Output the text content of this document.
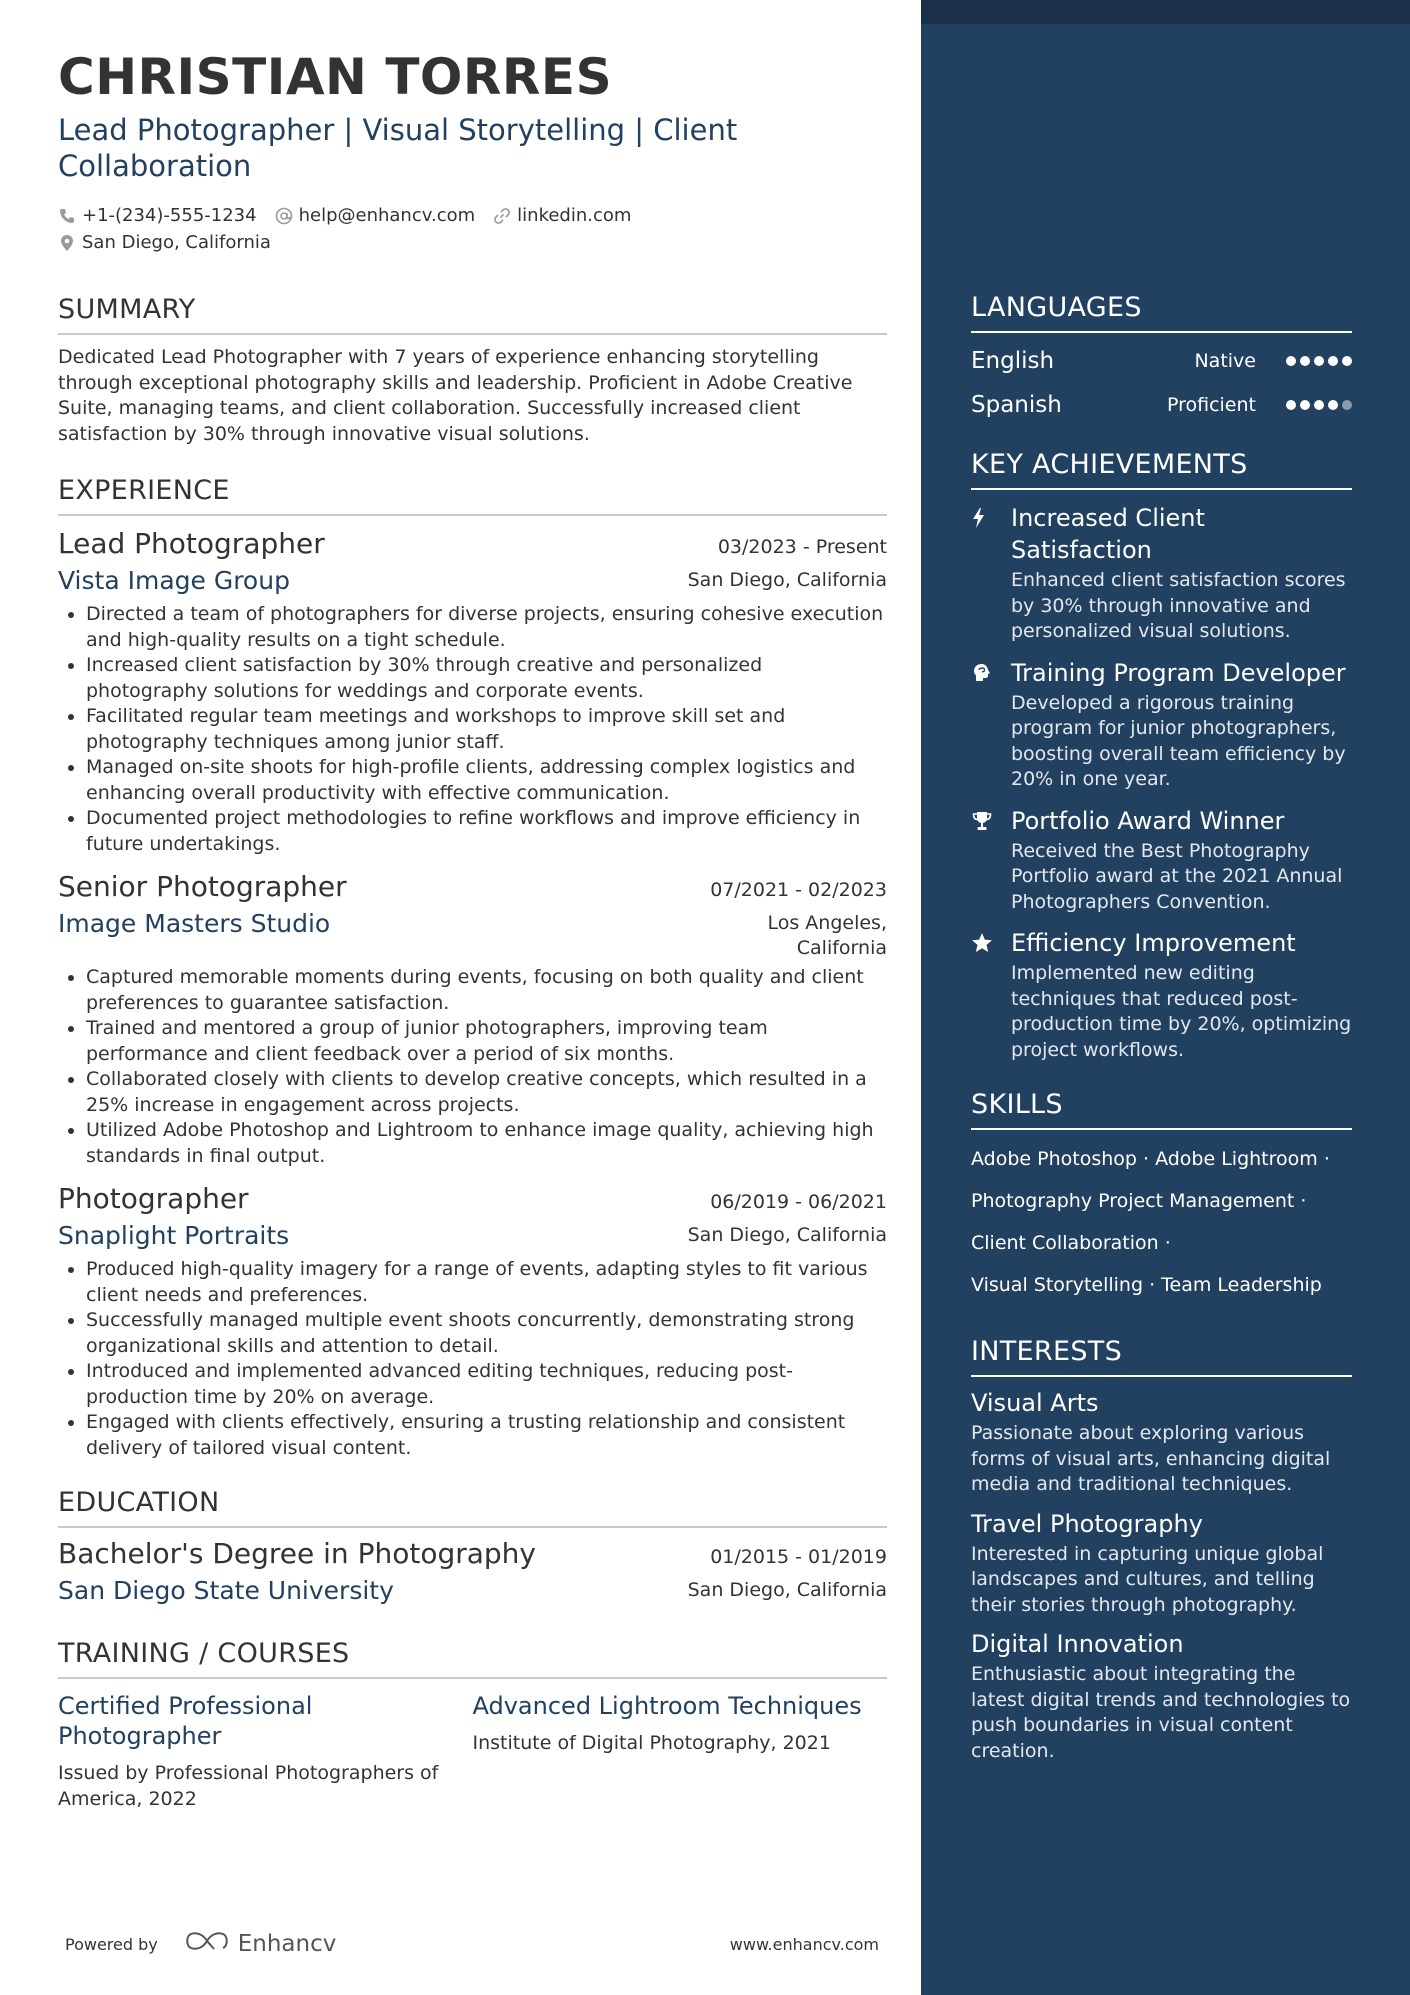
CHRISTIAN TORRES
Lead Photographer | Visual Storytelling | Client Collaboration
+1-(234)-555-1234 help@enhancv.com linkedin.com
San Diego, California
SUMMARY
Dedicated Lead Photographer with 7 years of experience enhancing storytelling through exceptional photography skills and leadership. Proficient in Adobe Creative Suite, managing teams, and client collaboration. Successfully increased client satisfaction by 30% through innovative visual solutions.
EXPERIENCE
Lead Photographer	03/2023 - Present
Vista Image Group	San Diego, California
• Directed a team of photographers for diverse projects, ensuring cohesive execution and high-quality results on a tight schedule.
• Increased client satisfaction by 30% through creative and personalized photography solutions for weddings and corporate events.
• Facilitated regular team meetings and workshops to improve skill set and photography techniques among junior staff.
• Managed on-site shoots for high-profile clients, addressing complex logistics and enhancing overall productivity with effective communication.
• Documented project methodologies to refine workflows and improve efficiency in future undertakings.
Senior Photographer	07/2021 - 02/2023
Image Masters Studio	Los Angeles,
California
• Captured memorable moments during events, focusing on both quality and client preferences to guarantee satisfaction.
• Trained and mentored a group of junior photographers, improving team performance and client feedback over a period of six months.
• Collaborated closely with clients to develop creative concepts, which resulted in a 25% increase in engagement across projects.
• Utilized Adobe Photoshop and Lightroom to enhance image quality, achieving high standards in final output.
Photographer	06/2019 - 06/2021
Snaplight Portraits	San Diego, California
• Produced high-quality imagery for a range of events, adapting styles to fit various client needs and preferences.
• Successfully managed multiple event shoots concurrently, demonstrating strong organizational skills and attention to detail.
• Introduced and implemented advanced editing techniques, reducing post-production time by 20% on average.
• Engaged with clients effectively, ensuring a trusting relationship and consistent delivery of tailored visual content.
EDUCATION
Bachelor's Degree in Photography	01/2015 - 01/2019
San Diego State University	San Diego, California
TRAINING / COURSES
Certified Professional Photographer
Issued by Professional Photographers of America, 2022
Advanced Lightroom Techniques
Institute of Digital Photography, 2021
Powered by	Enhancv	www.enhancv.com
LANGUAGES
English	Native
Spanish	Proficient
KEY ACHIEVEMENTS
Increased Client Satisfaction
Enhanced client satisfaction scores by 30% through innovative and personalized visual solutions.
Training Program Developer
Developed a rigorous training program for junior photographers, boosting overall team efficiency by 20% in one year.
Portfolio Award Winner
Received the Best Photography Portfolio award at the 2021 Annual Photographers Convention.
Efficiency Improvement
Implemented new editing techniques that reduced post-production time by 20%, optimizing project workflows.
SKILLS
Adobe Photoshop · Adobe Lightroom ·
Photography Project Management ·
Client Collaboration ·
Visual Storytelling · Team Leadership
INTERESTS
Visual Arts
Passionate about exploring various forms of visual arts, enhancing digital media and traditional techniques.
Travel Photography
Interested in capturing unique global landscapes and cultures, and telling their stories through photography.
Digital Innovation
Enthusiastic about integrating the latest digital trends and technologies to push boundaries in visual content creation.
